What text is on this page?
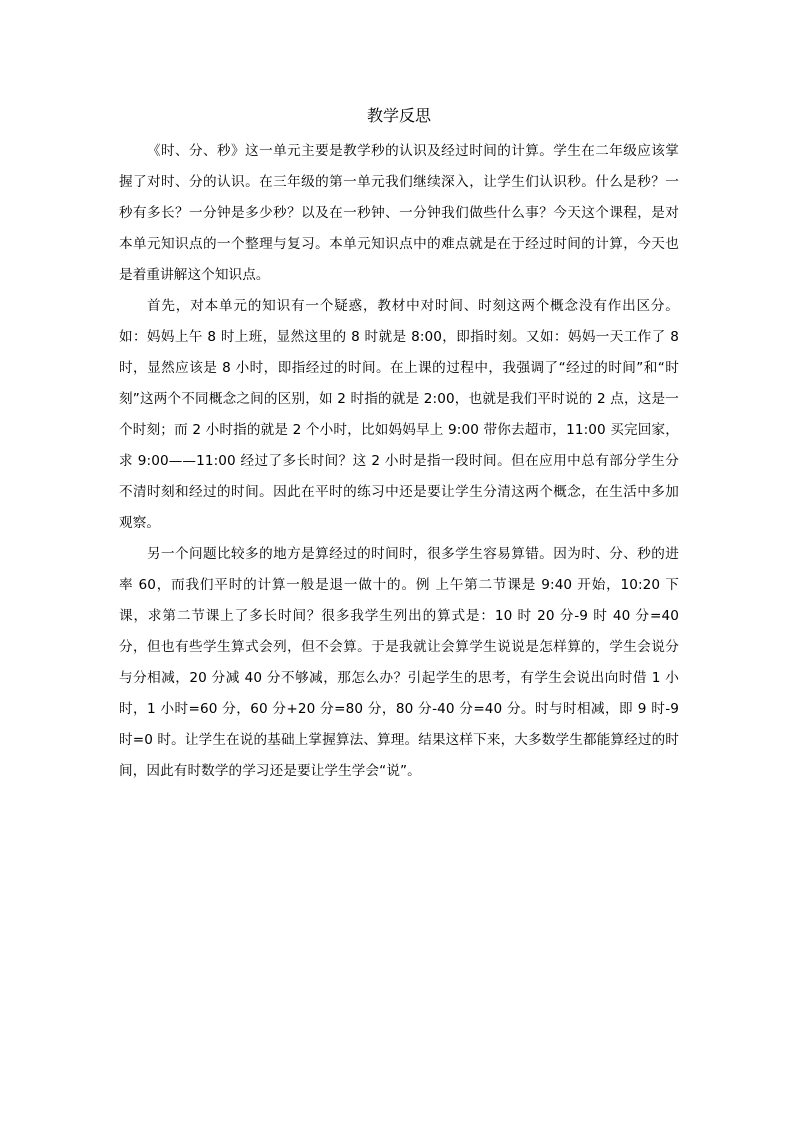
教学反思

《时、分、秒》这一单元主要是教学秒的认识及经过时间的计算。学生在二年级应该掌握了对时、分的认识。在三年级的第一单元我们继续深入，让学生们认识秒。什么是秒？一秒有多长？一分钟是多少秒？以及在一秒钟、一分钟我们做些什么事？今天这个课程，是对本单元知识点的一个整理与复习。本单元知识点中的难点就是在于经过时间的计算，今天也是着重讲解这个知识点。

首先，对本单元的知识有一个疑惑，教材中对时间、时刻这两个概念没有作出区分。如：妈妈上午 8 时上班，显然这里的 8 时就是 8:00，即指时刻。又如：妈妈一天工作了 8 时，显然应该是 8 小时，即指经过的时间。在上课的过程中，我强调了“经过的时间”和“时刻”这两个不同概念之间的区别，如 2 时指的就是 2:00，也就是我们平时说的 2 点，这是一个时刻；而 2 小时指的就是 2 个小时，比如妈妈早上 9:00 带你去超市，11:00 买完回家，求 9:00——11:00 经过了多长时间？这 2 小时是指一段时间。但在应用中总有部分学生分不清时刻和经过的时间。因此在平时的练习中还是要让学生分清这两个概念，在生活中多加观察。

另一个问题比较多的地方是算经过的时间时，很多学生容易算错。因为时、分、秒的进率 60，而我们平时的计算一般是退一做十的。例 上午第二节课是 9:40 开始，10:20 下课，求第二节课上了多长时间？很多我学生列出的算式是：10 时 20 分-9 时 40 分=40 分，但也有些学生算式会列，但不会算。于是我就让会算学生说说是怎样算的，学生会说分与分相减，20 分减 40 分不够减，那怎么办？引起学生的思考，有学生会说出向时借 1 小时，1 小时=60 分，60 分+20 分=80 分，80 分-40 分=40 分。时与时相减，即 9 时-9 时=0 时。让学生在说的基础上掌握算法、算理。结果这样下来，大多数学生都能算经过的时间，因此有时数学的学习还是要让学生学会“说”。
